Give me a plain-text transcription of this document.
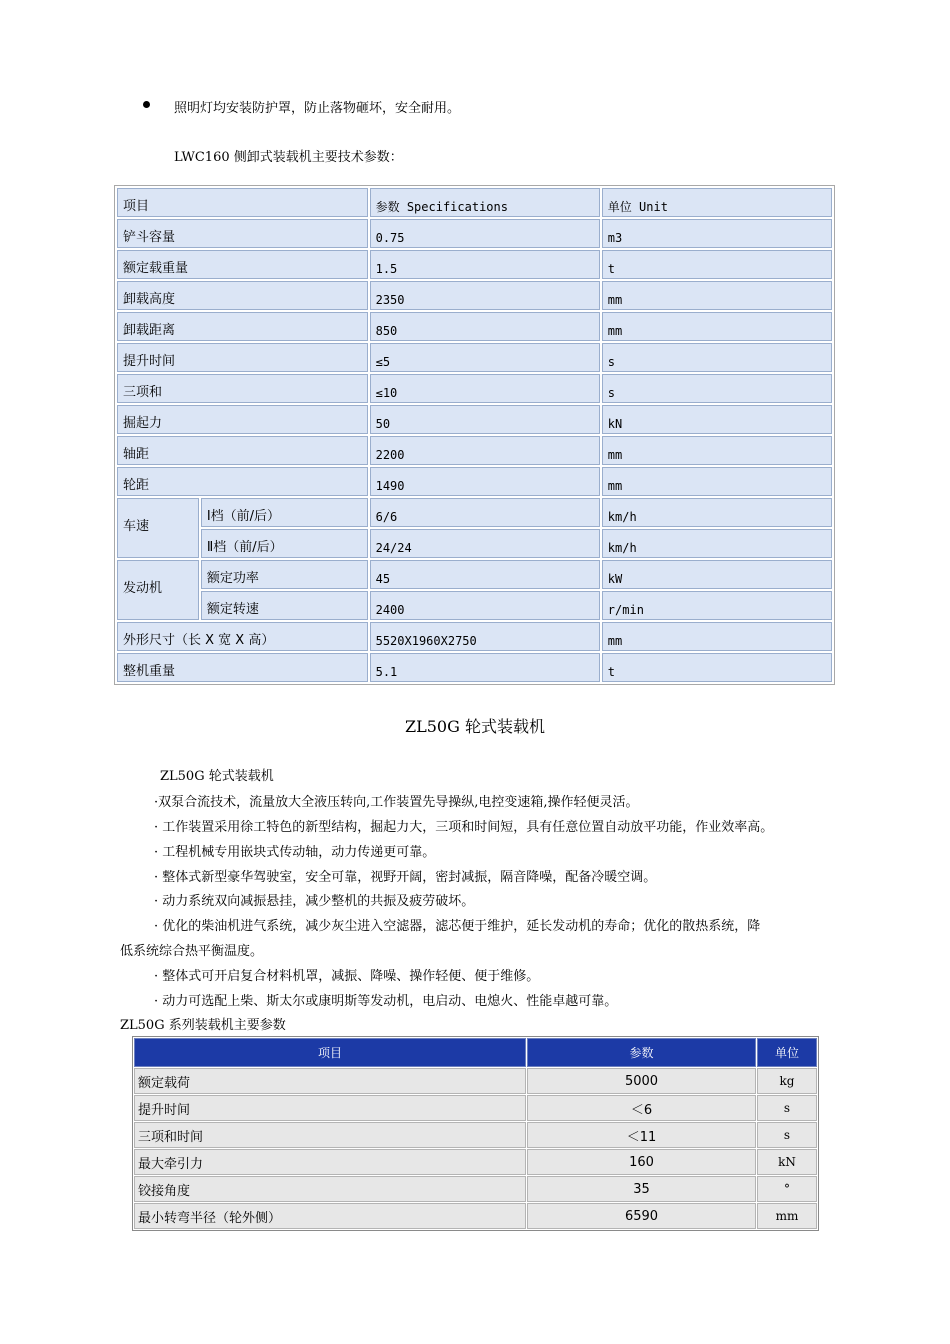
照明灯均安装防护罩，防止落物砸坏，安全耐用。
LWC160 侧卸式装载机主要技术参数：
项目		参数 Specifications	单位 Unit
铲斗容量		0.75	m3
额定载重量		1.5	t
卸载高度		2350	mm
卸载距离		850	mm
提升时间		≤5	s
三项和		≤10	s
掘起力		50	kN
轴距		2200	mm
轮距		1490	mm
车速	Ⅰ档（前/后）	6/6	km/h
	Ⅱ档（前/后）	24/24	km/h
发动机	额定功率	45	kW
	额定转速	2400	r/min
外形尺寸（长 X 宽 X 高）		5520X1960X2750	mm
整机重量		5.1	t
ZL50G 轮式装载机
ZL50G 轮式装载机
·双泵合流技术，流量放大全液压转向,工作装置先导操纵,电控变速箱,操作轻便灵活。
· 工作装置采用徐工特色的新型结构，掘起力大，三项和时间短，具有任意位置自动放平功能，作业效率高。
· 工程机械专用嵌块式传动轴，动力传递更可靠。
· 整体式新型豪华驾驶室，安全可靠，视野开阔，密封减振，隔音降噪，配备冷暖空调。
· 动力系统双向减振悬挂，减少整机的共振及疲劳破坏。
· 优化的柴油机进气系统，减少灰尘进入空滤器，滤芯便于维护，延长发动机的寿命；优化的散热系统，降
低系统综合热平衡温度。
· 整体式可开启复合材料机罩，减振、降噪、操作轻便、便于维修。
· 动力可选配上柴、斯太尔或康明斯等发动机，电启动、电熄火、性能卓越可靠。
ZL50G 系列装载机主要参数
项目	参数	单位
额定载荷	5000	kg
提升时间	＜6	s
三项和时间	＜11	s
最大牵引力	160	kN
铰接角度	35	°
最小转弯半径（轮外侧）	6590	mm
